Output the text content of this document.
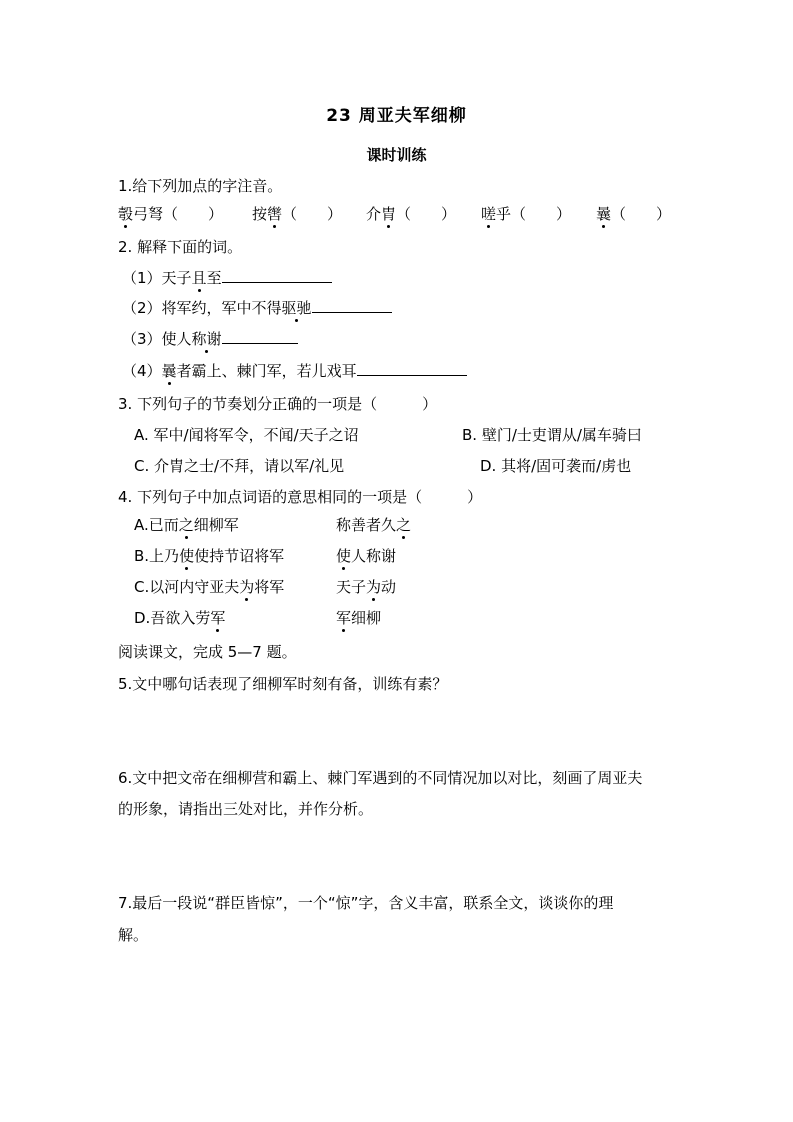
23 周亚夫军细柳
课时训练
1.给下列加点的字注音。
彀弓弩（　　） 按辔（　　） 介胄（　　） 嗟乎（　　） 曩（　　）
2. 解释下面的词。
（1）天子且至
（2）将军约，军中不得驱驰
（3）使人称谢
（4）曩者霸上、棘门军，若儿戏耳
3. 下列句子的节奏划分正确的一项是（　　　）
A. 军中/闻将军令，不闻/天子之诏	B. 壁门/士吏谓从/属车骑曰
C. 介胄之士/不拜，请以军/礼见	D. 其将/固可袭而/虏也
4. 下列句子中加点词语的意思相同的一项是（　　　）
A.已而之细柳军	称善者久之
B.上乃使使持节诏将军	使人称谢
C.以河内守亚夫为将军	天子为动
D.吾欲入劳军	军细柳
阅读课文，完成 5—7 题。
5.文中哪句话表现了细柳军时刻有备，训练有素？
6.文中把文帝在细柳营和霸上、棘门军遇到的不同情况加以对比，刻画了周亚夫
的形象，请指出三处对比，并作分析。
7.最后一段说“群臣皆惊”，一个“惊”字，含义丰富，联系全文，谈谈你的理
解。
